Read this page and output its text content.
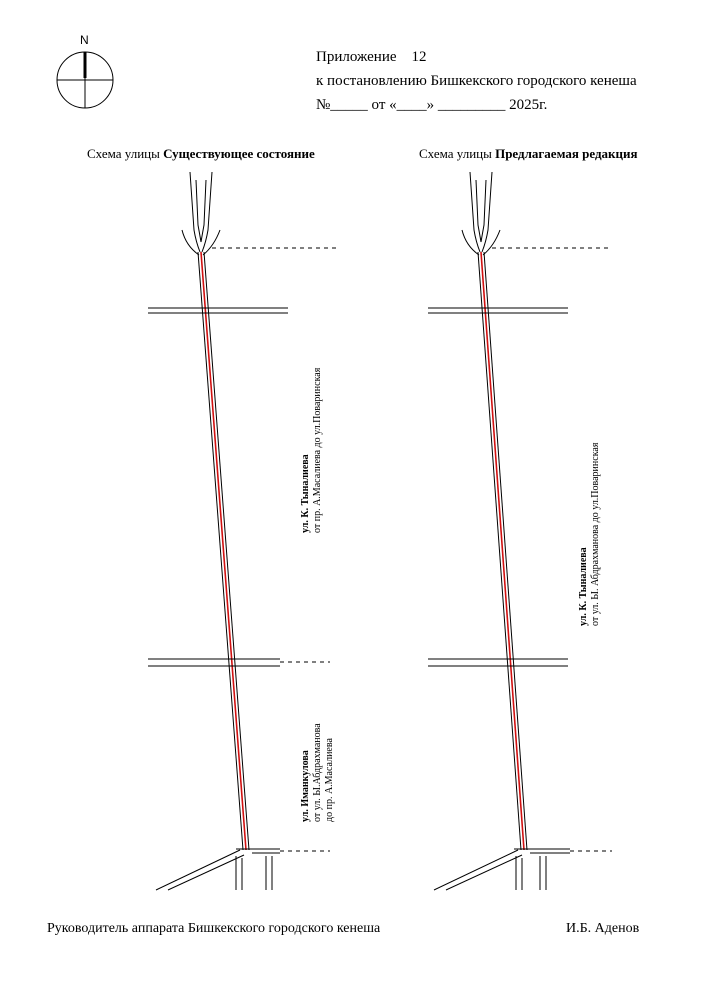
N
Приложение 12
к постановлению Бишкекского городского кенеша
№_____ от «____» _________ 2025г.
Схема улицы Существующее состояние	Схема улицы Предлагаемая редакция
ул. К. Тыналиева от пр. А.Масалиева до ул.Поваринская
ул. Иманкулова от ул. Ы.Абдрахманова до пр. А.Масалиева
ул. К. Тыналиева от ул. Ы. Абдрахманова до ул.Поваринская
Руководитель аппарата Бишкекского городского кенеша	И.Б. Аденов
